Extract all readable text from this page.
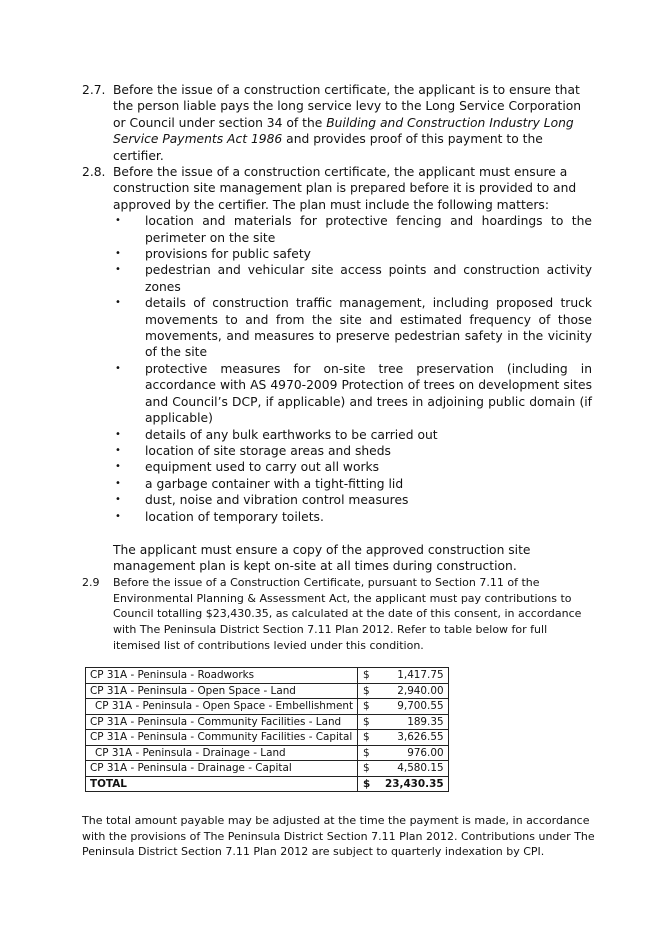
2.7. Before the issue of a construction certificate, the applicant is to ensure that the person liable pays the long service levy to the Long Service Corporation or Council under section 34 of the Building and Construction Industry Long Service Payments Act 1986 and provides proof of this payment to the certifier.

2.8. Before the issue of a construction certificate, the applicant must ensure a construction site management plan is prepared before it is provided to and approved by the certifier. The plan must include the following matters:

• location and materials for protective fencing and hoardings to the perimeter on the site
• provisions for public safety
• pedestrian and vehicular site access points and construction activity zones
• details of construction traffic management, including proposed truck movements to and from the site and estimated frequency of those movements, and measures to preserve pedestrian safety in the vicinity of the site
• protective measures for on-site tree preservation (including in accordance with AS 4970-2009 Protection of trees on development sites and Council’s DCP, if applicable) and trees in adjoining public domain (if applicable)
• details of any bulk earthworks to be carried out
• location of site storage areas and sheds
• equipment used to carry out all works
• a garbage container with a tight-fitting lid
• dust, noise and vibration control measures
• location of temporary toilets.

The applicant must ensure a copy of the approved construction site management plan is kept on-site at all times during construction.

2.9	Before the issue of a Construction Certificate, pursuant to Section 7.11 of the Environmental Planning & Assessment Act, the applicant must pay contributions to Council totalling $23,430.35, as calculated at the date of this consent, in accordance with The Peninsula District Section 7.11 Plan 2012. Refer to table below for full itemised list of contributions levied under this condition.

CP 31A - Peninsula - Roadworks	$	1,417.75
CP 31A - Peninsula - Open Space - Land	$	2,940.00
CP 31A - Peninsula - Open Space - Embellishment	$	9,700.55
CP 31A - Peninsula - Community Facilities - Land	$	189.35
CP 31A - Peninsula - Community Facilities - Capital	$	3,626.55
CP 31A - Peninsula - Drainage - Land	$	976.00
CP 31A - Peninsula - Drainage - Capital	$	4,580.15
TOTAL	$	23,430.35

The total amount payable may be adjusted at the time the payment is made, in accordance with the provisions of The Peninsula District Section 7.11 Plan 2012. Contributions under The Peninsula District Section 7.11 Plan 2012 are subject to quarterly indexation by CPI.
